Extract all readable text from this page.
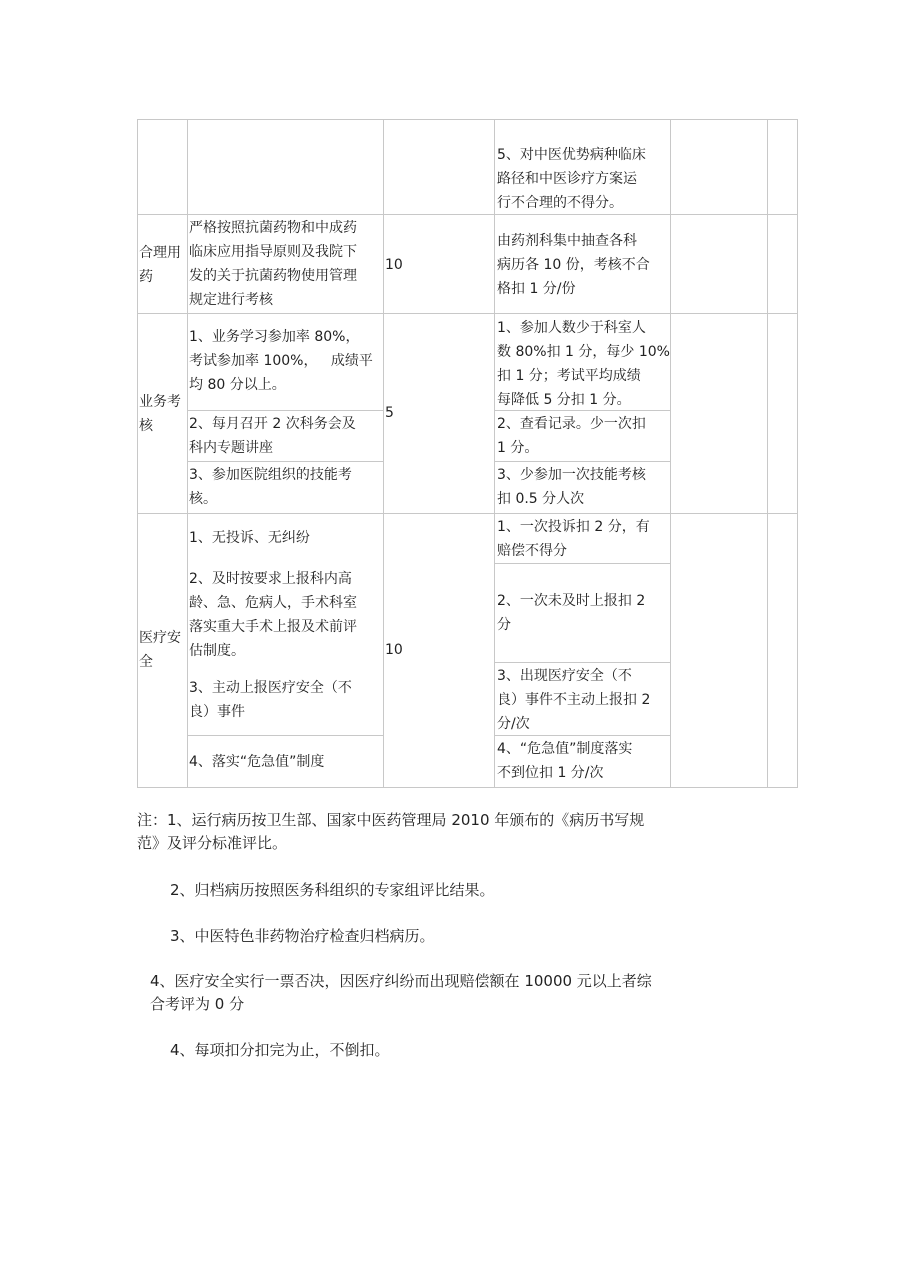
5、对中医优势病种临床
路径和中医诊疗方案运
行不合理的不得分。
合理用
药
严格按照抗菌药物和中成药
临床应用指导原则及我院下
发的关于抗菌药物使用管理
规定进行考核
10
由药剂科集中抽查各科
病历各 10 份，考核不合
格扣 1 分/份
业务考
核
5
1、业务学习参加率 80%，
考试参加率 100%，   成绩平
均 80 分以上。
1、参加人数少于科室人
数 80%扣 1 分，每少 10%
扣 1 分；考试平均成绩
每降低 5 分扣 1 分。
2、每月召开 2 次科务会及
科内专题讲座
2、查看记录。少一次扣
1 分。
3、参加医院组织的技能考
核。
3、少参加一次技能考核
扣 0.5 分人次
医疗安
全
10
1、无投诉、无纠纷
1、一次投诉扣 2 分，有
赔偿不得分
2、及时按要求上报科内高
龄、急、危病人，手术科室
落实重大手术上报及术前评
估制度。
2、一次未及时上报扣 2
分
3、主动上报医疗安全（不
良）事件
3、出现医疗安全（不
良）事件不主动上报扣 2
分/次
4、落实“危急值”制度
4、“危急值”制度落实
不到位扣 1 分/次
注：1、运行病历按卫生部、国家中医药管理局 2010 年颁布的《病历书写规
范》及评分标准评比。
2、归档病历按照医务科组织的专家组评比结果。
3、中医特色非药物治疗检查归档病历。
4、医疗安全实行一票否决，因医疗纠纷而出现赔偿额在 10000 元以上者综
合考评为 0 分
4、每项扣分扣完为止，不倒扣。
